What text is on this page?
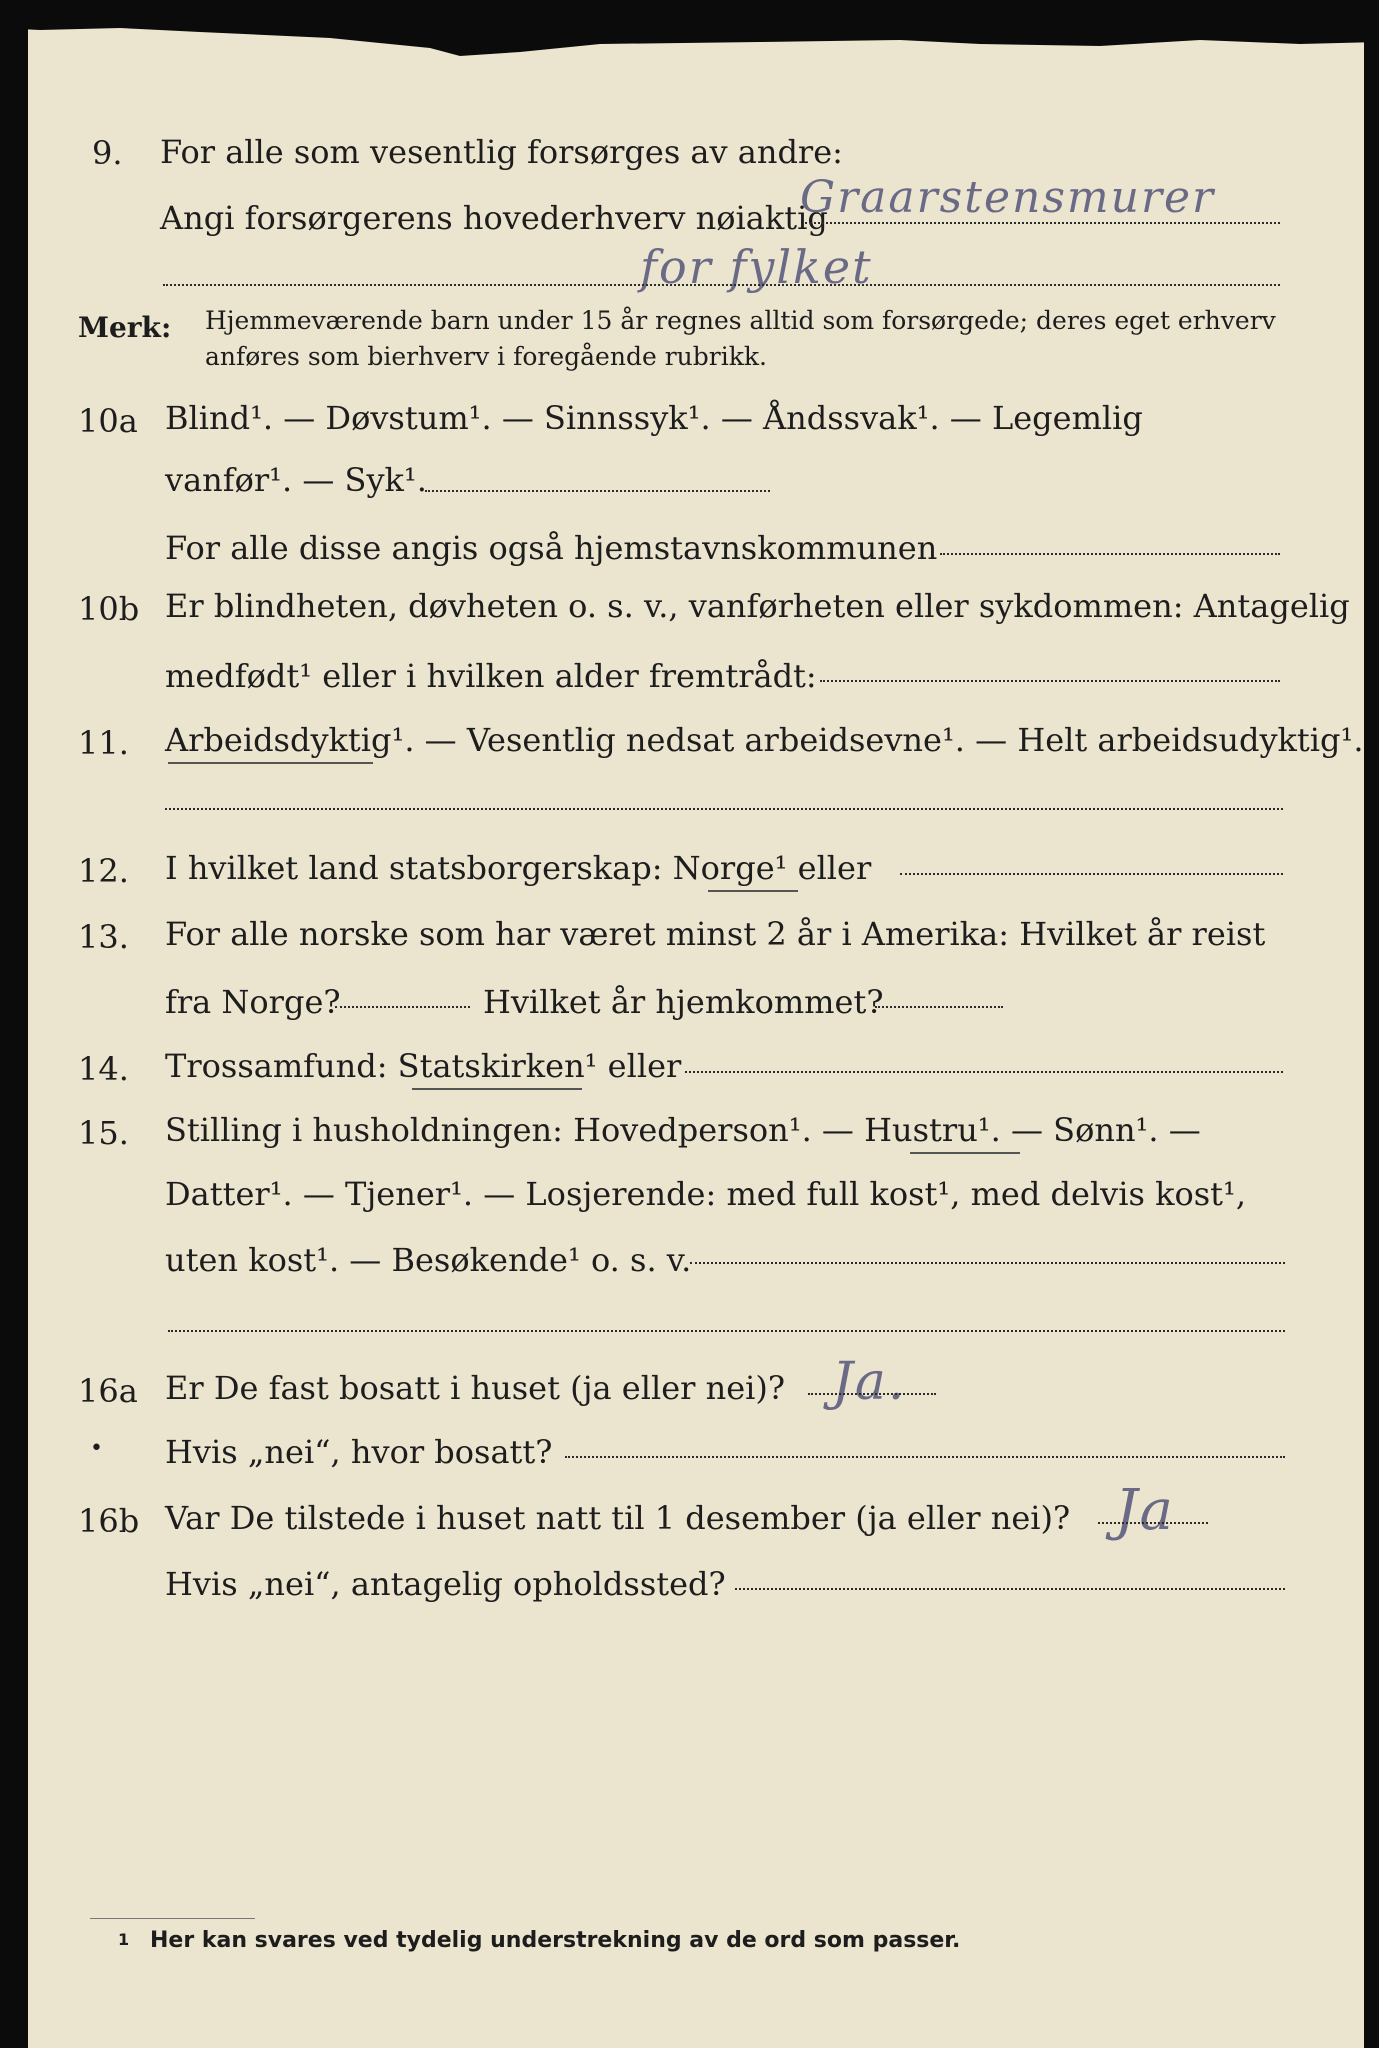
9. For alle som vesentlig forsørges av andre:
Angi forsørgerens hovederhverv nøiaktig
Graarstensmurer
for fylket
Merk: Hjemmeværende barn under 15 år regnes alltid som forsørgede; deres eget erhverv
anføres som bierhverv i foregående rubrikk.
10a Blind¹. — Døvstum¹. — Sinnssyk¹. — Åndssvak¹. — Legemlig
vanfør¹. — Syk¹.
For alle disse angis også hjemstavnskommunen
10b Er blindheten, døvheten o. s. v., vanførheten eller sykdommen: Antagelig
medfødt¹ eller i hvilken alder fremtrådt:
11. Arbeidsdyktig¹. — Vesentlig nedsat arbeidsevne¹. — Helt arbeidsudyktig¹.
12. I hvilket land statsborgerskap: Norge¹ eller
13. For alle norske som har været minst 2 år i Amerika: Hvilket år reist
fra Norge?	Hvilket år hjemkommet?
14. Trossamfund: Statskirken¹ eller
15. Stilling i husholdningen: Hovedperson¹. — Hustru¹. — Sønn¹. —
Datter¹. — Tjener¹. — Losjerende: med full kost¹, med delvis kost¹,
uten kost¹. — Besøkende¹ o. s. v.
16a Er De fast bosatt i huset (ja eller nei)? Ja.
• Hvis „nei“, hvor bosatt?
16b Var De tilstede i huset natt til 1 desember (ja eller nei)? Ja
Hvis „nei“, antagelig opholdssted?
1 Her kan svares ved tydelig understrekning av de ord som passer.
